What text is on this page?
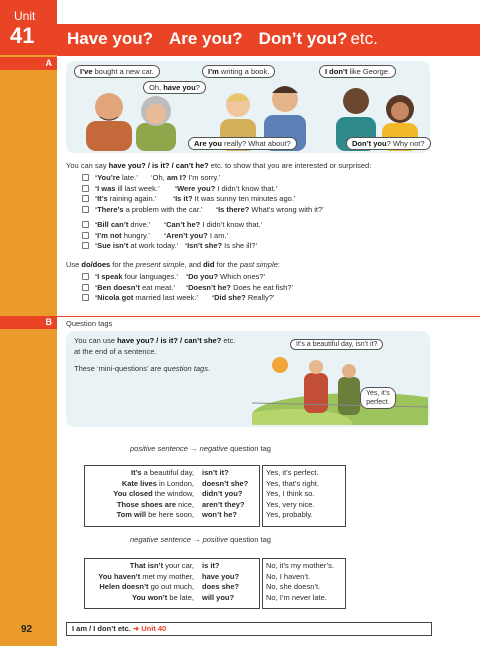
Unit
41
A
B
Have you? Are you? Don’t you? etc.
I’ve bought a new car.
Oh, have you?
I’m writing a book.
Are you really? What about?
I don’t like George.
Don’t you? Why not?
You can say have you? / is it? / can’t he? etc. to show that you are interested or surprised:
‘You’re late.’ ‘Oh, am I? I’m sorry.’
‘I was ill last week.’ ‘Were you? I didn’t know that.’
‘It’s raining again.’ ‘Is it? It was sunny ten minutes ago.’
‘There’s a problem with the car.’ ‘Is there? What’s wrong with it?’
‘Bill can’t drive.’ ‘Can’t he? I didn’t know that.’
‘I’m not hungry.’ ‘Aren’t you? I am.’
‘Sue isn’t at work today.’ ‘Isn’t she? Is she ill?’
Use do/does for the present simple, and did for the past simple:
‘I speak four languages.’ ‘Do you? Which ones?’
‘Ben doesn’t eat meat.’ ‘Doesn’t he? Does he eat fish?’
‘Nicola got married last week.’ ‘Did she? Really?’
Question tags
You can use have you? / is it? / can’t she? etc.
at the end of a sentence.
These ‘mini-questions’ are question tags.
It’s a beautiful day, isn’t it?
Yes, it’s
perfect.
positive sentence → negative question tag
It’s a beautiful day,
Kate lives in London,
You closed the window,
Those shoes are nice,
Tom will be here soon,
isn’t it?
doesn’t she?
didn’t you?
aren’t they?
won’t he?
Yes, it’s perfect.
Yes, that’s right.
Yes, I think so.
Yes, very nice.
Yes, probably.
negative sentence → positive question tag
That isn’t your car,
You haven’t met my mother,
Helen doesn’t go out much,
You won’t be late,
is it?
have you?
does she?
will you?
No, it’s my mother’s.
No, I haven’t.
No, she doesn’t.
No, I’m never late.
92	I am / I don’t etc. ➜ Unit 40
